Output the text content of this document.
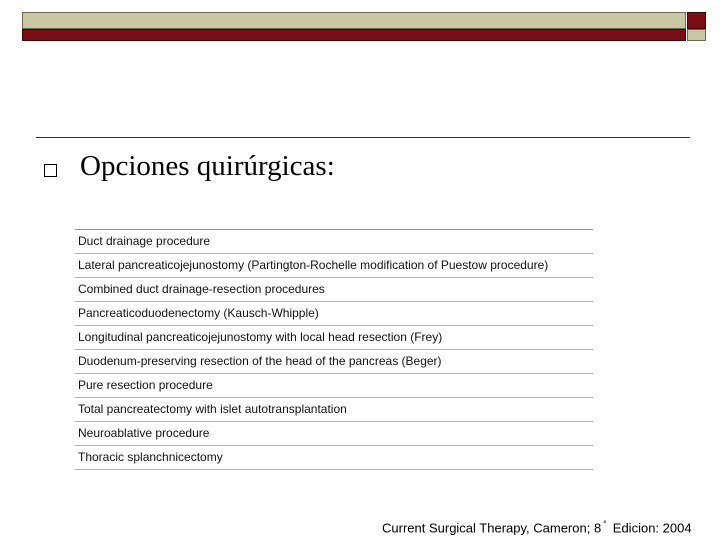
Opciones quirúrgicas:
Duct drainage procedure
Lateral pancreaticojejunostomy (Partington-Rochelle modification of Puestow procedure)
Combined duct drainage-resection procedures
Pancreaticoduodenectomy (Kausch-Whipple)
Longitudinal pancreaticojejunostomy with local head resection (Frey)
Duodenum-preserving resection of the head of the pancreas (Beger)
Pure resection procedure
Total pancreatectomy with islet autotransplantation
Neuroablative procedure
Thoracic splanchnicectomy

Current Surgical Therapy, Cameron; 8 ° Edicion: 2004
